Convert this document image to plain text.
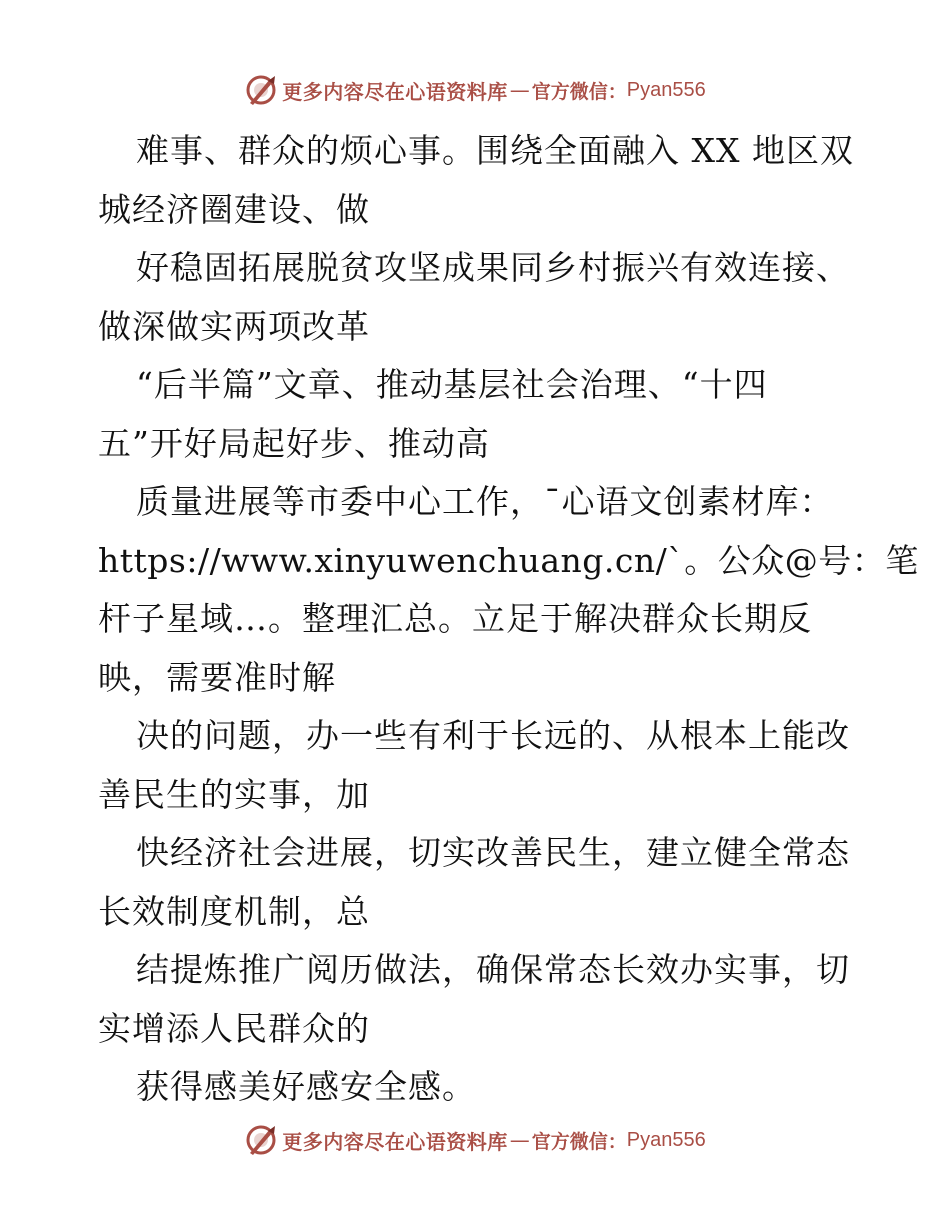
更多内容尽在心语资料库 — 官方微信： Pyan556
难事、群众的烦心事。围绕全面融入 XX 地区双
城经济圈建设、做
好稳固拓展脱贫攻坚成果同乡村振兴有效连接、
做深做实两项改革
“后半篇”文章、推动基层社会治理、“十四
五”开好局起好步、推动高
质量进展等市委中心工作，¯心语文创素材库：
https://www.xinyuwenchuang.cn/`。公众@号：笔
杆子星域…。整理汇总。立足于解决群众长期反
映，需要准时解
决的问题，办一些有利于长远的、从根本上能改
善民生的实事，加
快经济社会进展，切实改善民生，建立健全常态
长效制度机制，总
结提炼推广阅历做法，确保常态长效办实事，切
实增添人民群众的
获得感美好感安全感。
更多内容尽在心语资料库 — 官方微信： Pyan556
